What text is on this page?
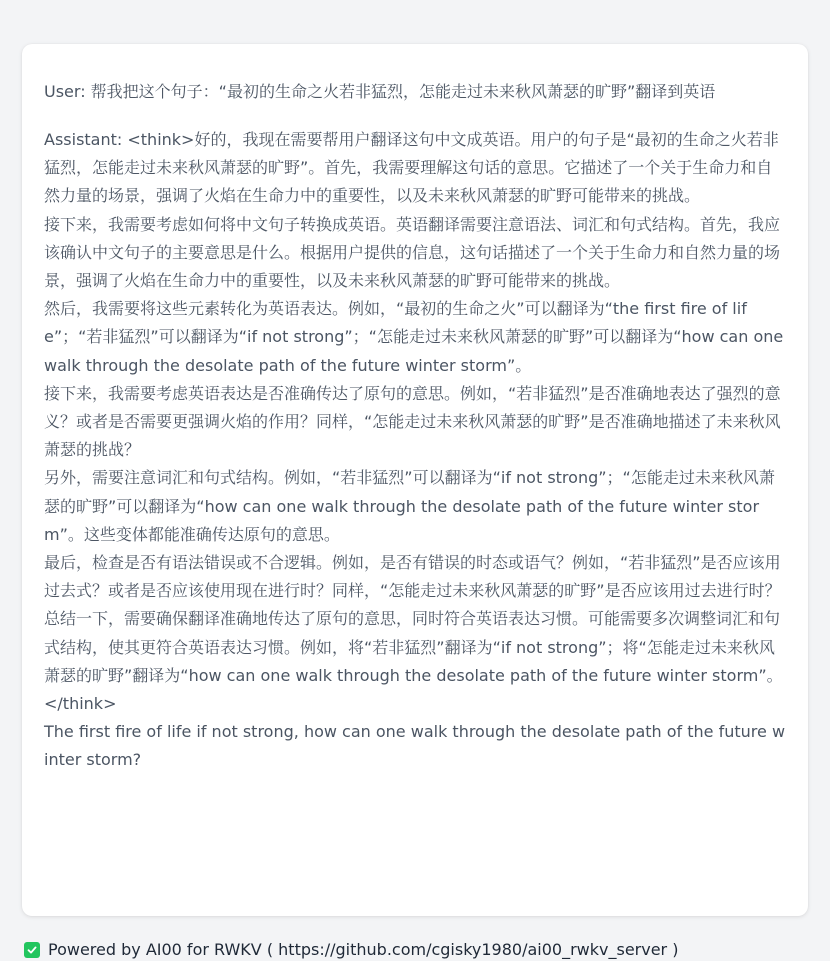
User: 帮我把这个句子：“最初的生命之火若非猛烈，怎能走过未来秋风萧瑟的旷野”翻译到英语
Assistant: <think>好的，我现在需要帮用户翻译这句中文成英语。用户的句子是“最初的生命之火若非猛烈，怎能走过未来秋风萧瑟的旷野”。首先，我需要理解这句话的意思。它描述了一个关于生命力和自然力量的场景，强调了火焰在生命力中的重要性，以及未来秋风萧瑟的旷野可能带来的挑战。
接下来，我需要考虑如何将中文句子转换成英语。英语翻译需要注意语法、词汇和句式结构。首先，我应该确认中文句子的主要意思是什么。根据用户提供的信息，这句话描述了一个关于生命力和自然力量的场景，强调了火焰在生命力中的重要性，以及未来秋风萧瑟的旷野可能带来的挑战。
然后，我需要将这些元素转化为英语表达。例如，“最初的生命之火”可以翻译为“the first fire of life”；“若非猛烈”可以翻译为“if not strong”；“怎能走过未来秋风萧瑟的旷野”可以翻译为“how can one walk through the desolate path of the future winter storm”。
接下来，我需要考虑英语表达是否准确传达了原句的意思。例如，“若非猛烈”是否准确地表达了强烈的意义？或者是否需要更强调火焰的作用？同样，“怎能走过未来秋风萧瑟的旷野”是否准确地描述了未来秋风萧瑟的挑战？
另外，需要注意词汇和句式结构。例如，“若非猛烈”可以翻译为“if not strong”；“怎能走过未来秋风萧瑟的旷野”可以翻译为“how can one walk through the desolate path of the future winter storm”。这些变体都能准确传达原句的意思。
最后，检查是否有语法错误或不合逻辑。例如，是否有错误的时态或语气？例如，“若非猛烈”是否应该用过去式？或者是否应该使用现在进行时？同样，“怎能走过未来秋风萧瑟的旷野”是否应该用过去进行时？
总结一下，需要确保翻译准确地传达了原句的意思，同时符合英语表达习惯。可能需要多次调整词汇和句式结构，使其更符合英语表达习惯。例如，将“若非猛烈”翻译为“if not strong”；将“怎能走过未来秋风萧瑟的旷野”翻译为“how can one walk through the desolate path of the future winter storm”。
</think>
The first fire of life if not strong, how can one walk through the desolate path of the future winter storm?
Powered by AI00 for RWKV ( https://github.com/cgisky1980/ai00_rwkv_server )
